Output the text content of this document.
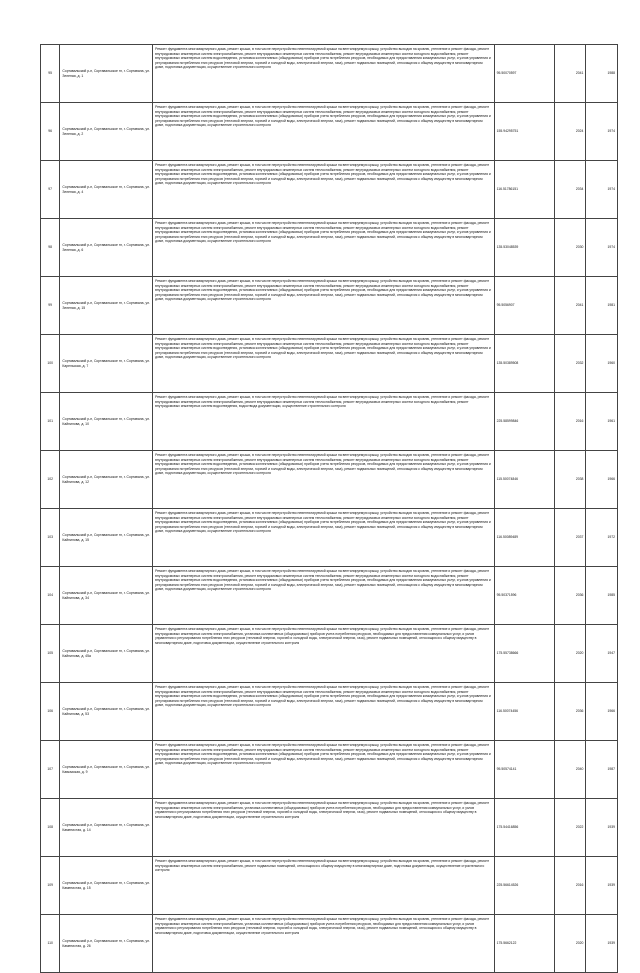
95	Сортавальский р-н, Сортавальское гп, г. Сортавала, ул. Зеленая, д. 1	Ремонт фундамента многоквартирного дома, ремонт крыши, в том числе переустройство невентилируемой крыши на вентилируемую крышу, устройство выходов на кровлю, утепление и ремонт фасада, ремонт внутридомовых инженерных систем электроснабжения, ремонт внутридомовых инженерных систем теплоснабжения, ремонт внутридомовых инженерных систем холодного водоснабжения, ремонт внутридомовых инженерных систем водоотведения, установка коллективных (общедомовых) приборов учета потребления ресурсов, необходимых для предоставления коммунальных услуг, и узлов управления и регулирования потребления этих ресурсов (тепловой энергии, горячей и холодной воды, электрической энергии, газа), ремонт подвальных помещений, относящихся к общему имуществу в многоквартирном доме, подготовка документации, осуществление строительного контроля	95.50070597	2041	1988
96	Сортавальский р-н, Сортавальское гп, г. Сортавала, ул. Зеленая, д. 2	Ремонт фундамента многоквартирного дома, ремонт крыши, в том числе переустройство невентилируемой крыши на вентилируемую крышу, устройство выходов на кровлю, утепление и ремонт фасада, ремонт внутридомовых инженерных систем электроснабжения, ремонт внутридомовых инженерных систем теплоснабжения, ремонт внутридомовых инженерных систем холодного водоснабжения, ремонт внутридомовых инженерных систем водоотведения, установка коллективных (общедомовых) приборов учета потребления ресурсов, необходимых для предоставления коммунальных услуг, и узлов управления и регулирования потребления этих ресурсов (тепловой энергии, горячей и холодной воды, электрической энергии, газа), ремонт подвальных помещений, относящихся к общему имуществу в многоквартирном доме, подготовка документации, осуществление строительного контроля	155.94295751	2024	1974
97	Сортавальский р-н, Сортавальское гп, г. Сортавала, ул. Зеленая, д. 4	Ремонт фундамента многоквартирного дома, ремонт крыши, в том числе переустройство невентилируемой крыши на вентилируемую крышу, устройство выходов на кровлю, утепление и ремонт фасада, ремонт внутридомовых инженерных систем электроснабжения, ремонт внутридомовых инженерных систем теплоснабжения, ремонт внутридомовых инженерных систем холодного водоснабжения, ремонт внутридомовых инженерных систем водоотведения, установка коллективных (общедомовых) приборов учета потребления ресурсов, необходимых для предоставления коммунальных услуг, и узлов управления и регулирования потребления этих ресурсов (тепловой энергии, горячей и холодной воды, электрической энергии, газа), ремонт подвальных помещений, относящихся к общему имуществу в многоквартирном доме, подготовка документации, осуществление строительного контроля	116.51786151	2034	1974
98	Сортавальский р-н, Сортавальское гп, г. Сортавала, ул. Зеленая, д. 6	Ремонт фундамента многоквартирного дома, ремонт крыши, в том числе переустройство невентилируемой крыши на вентилируемую крышу, устройство выходов на кровлю, утепление и ремонт фасада, ремонт внутридомовых инженерных систем электроснабжения, ремонт внутридомовых инженерных систем теплоснабжения, ремонт внутридомовых инженерных систем холодного водоснабжения, ремонт внутридомовых инженерных систем водоотведения, установка коллективных (общедомовых) приборов учета потребления ресурсов, необходимых для предоставления коммунальных услуг, и узлов управления и регулирования потребления этих ресурсов (тепловой энергии, горячей и холодной воды, электрической энергии, газа), ремонт подвальных помещений, относящихся к общему имуществу в многоквартирном доме, подготовка документации, осуществление строительного контроля	135.53048539	2030	1974
99	Сортавальский р-н, Сортавальское гп, г. Сортавала, ул. Зеленая, д. 15	Ремонт фундамента многоквартирного дома, ремонт крыши, в том числе переустройство невентилируемой крыши на вентилируемую крышу, устройство выходов на кровлю, утепление и ремонт фасада, ремонт внутридомовых инженерных систем электроснабжения, ремонт внутридомовых инженерных систем теплоснабжения, ремонт внутридомовых инженерных систем холодного водоснабжения, ремонт внутридомовых инженерных систем водоотведения, установка коллективных (общедомовых) приборов учета потребления ресурсов, необходимых для предоставления коммунальных услуг, и узлов управления и регулирования потребления этих ресурсов (тепловой энергии, горячей и холодной воды, электрической энергии, газа), ремонт подвальных помещений, относящихся к общему имуществу в многоквартирном доме, подготовка документации, осуществление строительного контроля	95.5056907	2041	1981
100	Сортавальский р-н, Сортавальское гп, г. Сортавала, ул. Карельская, д. 7	Ремонт фундамента многоквартирного дома, ремонт крыши, в том числе переустройство невентилируемой крыши на вентилируемую крышу, устройство выходов на кровлю, утепление и ремонт фасада, ремонт внутридомовых инженерных систем электроснабжения, ремонт внутридомовых инженерных систем теплоснабжения, ремонт внутридомовых инженерных систем холодного водоснабжения, ремонт внутридомовых инженерных систем водоотведения, установка коллективных (общедомовых) приборов учета потребления ресурсов, необходимых для предоставления коммунальных услуг, и узлов управления и регулирования потребления этих ресурсов (тепловой энергии, горячей и холодной воды, электрической энергии, газа), ремонт подвальных помещений, относящихся к общему имуществу в многоквартирном доме, подготовка документации, осуществление строительного контроля	135.50389508	2032	1960
101	Сортавальский р-н, Сортавальское гп, г. Сортавала, ул. Кайнилова, д. 10	Ремонт фундамента многоквартирного дома, ремонт крыши, в том числе переустройство невентилируемой крыши на вентилируемую крышу, устройство выходов на кровлю, утепление и ремонт фасада, ремонт внутридомовых инженерных систем электроснабжения, ремонт внутридомовых инженерных систем теплоснабжения, ремонт внутридомовых инженерных систем холодного водоснабжения, ремонт внутридомовых инженерных систем водоотведения, водоотвода документации, осуществление строительного контроля	225.58599846	2016	1961
102	Сортавальский р-н, Сортавальское гп, г. Сортавала, ул. Кайнилова, д. 12	Ремонт фундамента многоквартирного дома, ремонт крыши, в том числе переустройство невентилируемой крыши на вентилируемую крышу, устройство выходов на кровлю, утепление и ремонт фасада, ремонт внутридомовых инженерных систем электроснабжения, ремонт внутридомовых инженерных систем теплоснабжения, ремонт внутридомовых инженерных систем холодного водоснабжения, ремонт внутридомовых инженерных систем водоотведения, установка коллективных (общедомовых) приборов учета потребления ресурсов, необходимых для предоставления коммунальных услуг, и узлов управления и регулирования потребления этих ресурсов (тепловой энергии, горячей и холодной воды, электрической энергии, газа), ремонт подвальных помещений, относящихся к общему имуществу в многоквартирном доме, подготовка документации, осуществление строительного контроля	115.50074846	2038	1966
103	Сортавальский р-н, Сортавальское гп, г. Сортавала, ул. Кайнилова, д. 15	Ремонт фундамента многоквартирного дома, ремонт крыши, в том числе переустройство невентилируемой крыши на вентилируемую крышу, устройство выходов на кровлю, утепление и ремонт фасада, ремонт внутридомовых инженерных систем электроснабжения, ремонт внутридомовых инженерных систем теплоснабжения, ремонт внутридомовых инженерных систем холодного водоснабжения, ремонт внутридомовых инженерных систем водоотведения, установка коллективных (общедомовых) приборов учета потребления ресурсов, необходимых для предоставления коммунальных услуг, и узлов управления и регулирования потребления этих ресурсов (тепловой энергии, горячей и холодной воды, электрической энергии, газа), ремонт подвальных помещений, относящихся к общему имуществу в многоквартирном доме, подготовка документации, осуществление строительного контроля	116.50089489	2037	1972
104	Сортавальский р-н, Сортавальское гп, г. Сортавала, ул. Кайнилова, д. 34	Ремонт фундамента многоквартирного дома, ремонт крыши, в том числе переустройство невентилируемой крыши на вентилируемую крышу, устройство выходов на кровлю, утепление и ремонт фасада, ремонт внутридомовых инженерных систем электроснабжения, ремонт внутридомовых инженерных систем теплоснабжения, ремонт внутридомовых инженерных систем холодного водоснабжения, ремонт внутридомовых инженерных систем водоотведения, установка коллективных (общедомовых) приборов учета потребления ресурсов, необходимых для предоставления коммунальных услуг, и узлов управления и регулирования потребления этих ресурсов (тепловой энергии, горячей и холодной воды, электрической энергии, газа), ремонт подвальных помещений, относящихся к общему имуществу в многоквартирном доме, подготовка документации, осуществление строительного контроля	95.50371596	2036	1985
105	Сортавальский р-н, Сортавальское гп, г. Сортавала, ул. Кайнилова, д. 45а	Ремонт фундамента многоквартирного дома, ремонт крыши, в том числе переустройство невентилируемой крыши на вентилируемую крышу, устройство выходов на кровлю, утепление и ремонт фасада, ремонт внутридомовых инженерных систем электроснабжения, установка коллективных (общедомовых) приборов учета потребления ресурсов, необходимых для предоставления коммунальных услуг, и узлов управления и регулирования потребления этих ресурсов (тепловой энергии, горячей и холодной воды, электрической энергии, газа), ремонт подвальных помещений, относящихся к общему имуществу в многоквартирном доме, подготовка документации, осуществление строительного контроля	175.55738666	2020	1947
106	Сортавальский р-н, Сортавальское гп, г. Сортавала, ул. Кайнилова, д. 53	Ремонт фундамента многоквартирного дома, ремонт крыши, в том числе переустройство невентилируемой крыши на вентилируемую крышу, устройство выходов на кровлю, утепление и ремонт фасада, ремонт внутридомовых инженерных систем электроснабжения, ремонт внутридомовых инженерных систем теплоснабжения, ремонт внутридомовых инженерных систем холодного водоснабжения, ремонт внутридомовых инженерных систем водоотведения, установка коллективных (общедомовых) приборов учета потребления ресурсов, необходимых для предоставления коммунальных услуг, и узлов управления и регулирования потребления этих ресурсов (тепловой энергии, горячей и холодной воды, электрической энергии, газа), ремонт подвальных помещений, относящихся к общему имуществу в многоквартирном доме, подготовка документации, осуществление строительного контроля	116.50074456	2036	1966
107	Сортавальский р-н, Сортавальское гп, г. Сортавала, ул. Кавказская, д. 9	Ремонт фундамента многоквартирного дома, ремонт крыши, в том числе переустройство невентилируемой крыши на вентилируемую крышу, устройство выходов на кровлю, утепление и ремонт фасада, ремонт внутридомовых инженерных систем электроснабжения, ремонт внутридомовых инженерных систем теплоснабжения, ремонт внутридомовых инженерных систем холодного водоснабжения, ремонт внутридомовых инженерных систем водоотведения, установка коллективных (общедомовых) приборов учета потребления ресурсов, необходимых для предоставления коммунальных услуг, и узлов управления и регулирования потребления этих ресурсов (тепловой энергии, горячей и холодной воды, электрической энергии, газа), ремонт подвальных помещений, относящихся к общему имуществу в многоквартирном доме, подготовка документации, осуществление строительного контроля	95.50574141	2040	1987
108	Сортавальский р-н, Сортавальское гп, г. Сортавала, ул. Каменистая, д. 14	Ремонт фундамента многоквартирного дома, ремонт крыши, в том числе переустройство невентилируемой крыши на вентилируемую крышу, устройство выходов на кровлю, утепление и ремонт фасада, ремонт внутридомовых инженерных систем электроснабжения, установка коллективных (общедомовых) приборов учета потребления ресурсов, необходимых для предоставления коммунальных услуг, и узлов управления и регулирования потребления этих ресурсов (тепловой энергии, горячей и холодной воды, электрической энергии, газа), ремонт подвальных помещений, относящихся к общему имуществу в многоквартирном доме, подготовка документации, осуществление строительного контроля	175.54416856	2022	1939
109	Сортавальский р-н, Сортавальское гп, г. Сортавала, ул. Каменистая, д. 15	Ремонт фундамента многоквартирного дома, ремонт крыши, в том числе переустройство невентилируемой крыши на вентилируемую крышу, устройство выходов на кровлю, утепление и ремонт фасада, ремонт внутридомовых инженерных систем электроснабжения, ремонт подвальных помещений, относящихся к общему имуществу в многоквартирном доме, подготовка документации, осуществление строительного контроля	225.56614526	2016	1939
110	Сортавальский р-н, Сортавальское гп, г. Сортавала, ул. Каменистая, д. 26	Ремонт фундамента многоквартирного дома, ремонт крыши, в том числе переустройство невентилируемой крыши на вентилируемую крышу, устройство выходов на кровлю, утепление и ремонт фасада, ремонт внутридомовых инженерных систем электроснабжения, установка коллективных (общедомовых) приборов учета потребления ресурсов, необходимых для предоставления коммунальных услуг, и узлов управления и регулирования потребления этих ресурсов (тепловой энергии, горячей и холодной воды, электрической энергии, газа), ремонт подвальных помещений, относящихся к общему имуществу в многоквартирном доме, подготовка документации, осуществление строительного контроля	175.5662122	2020	1939
